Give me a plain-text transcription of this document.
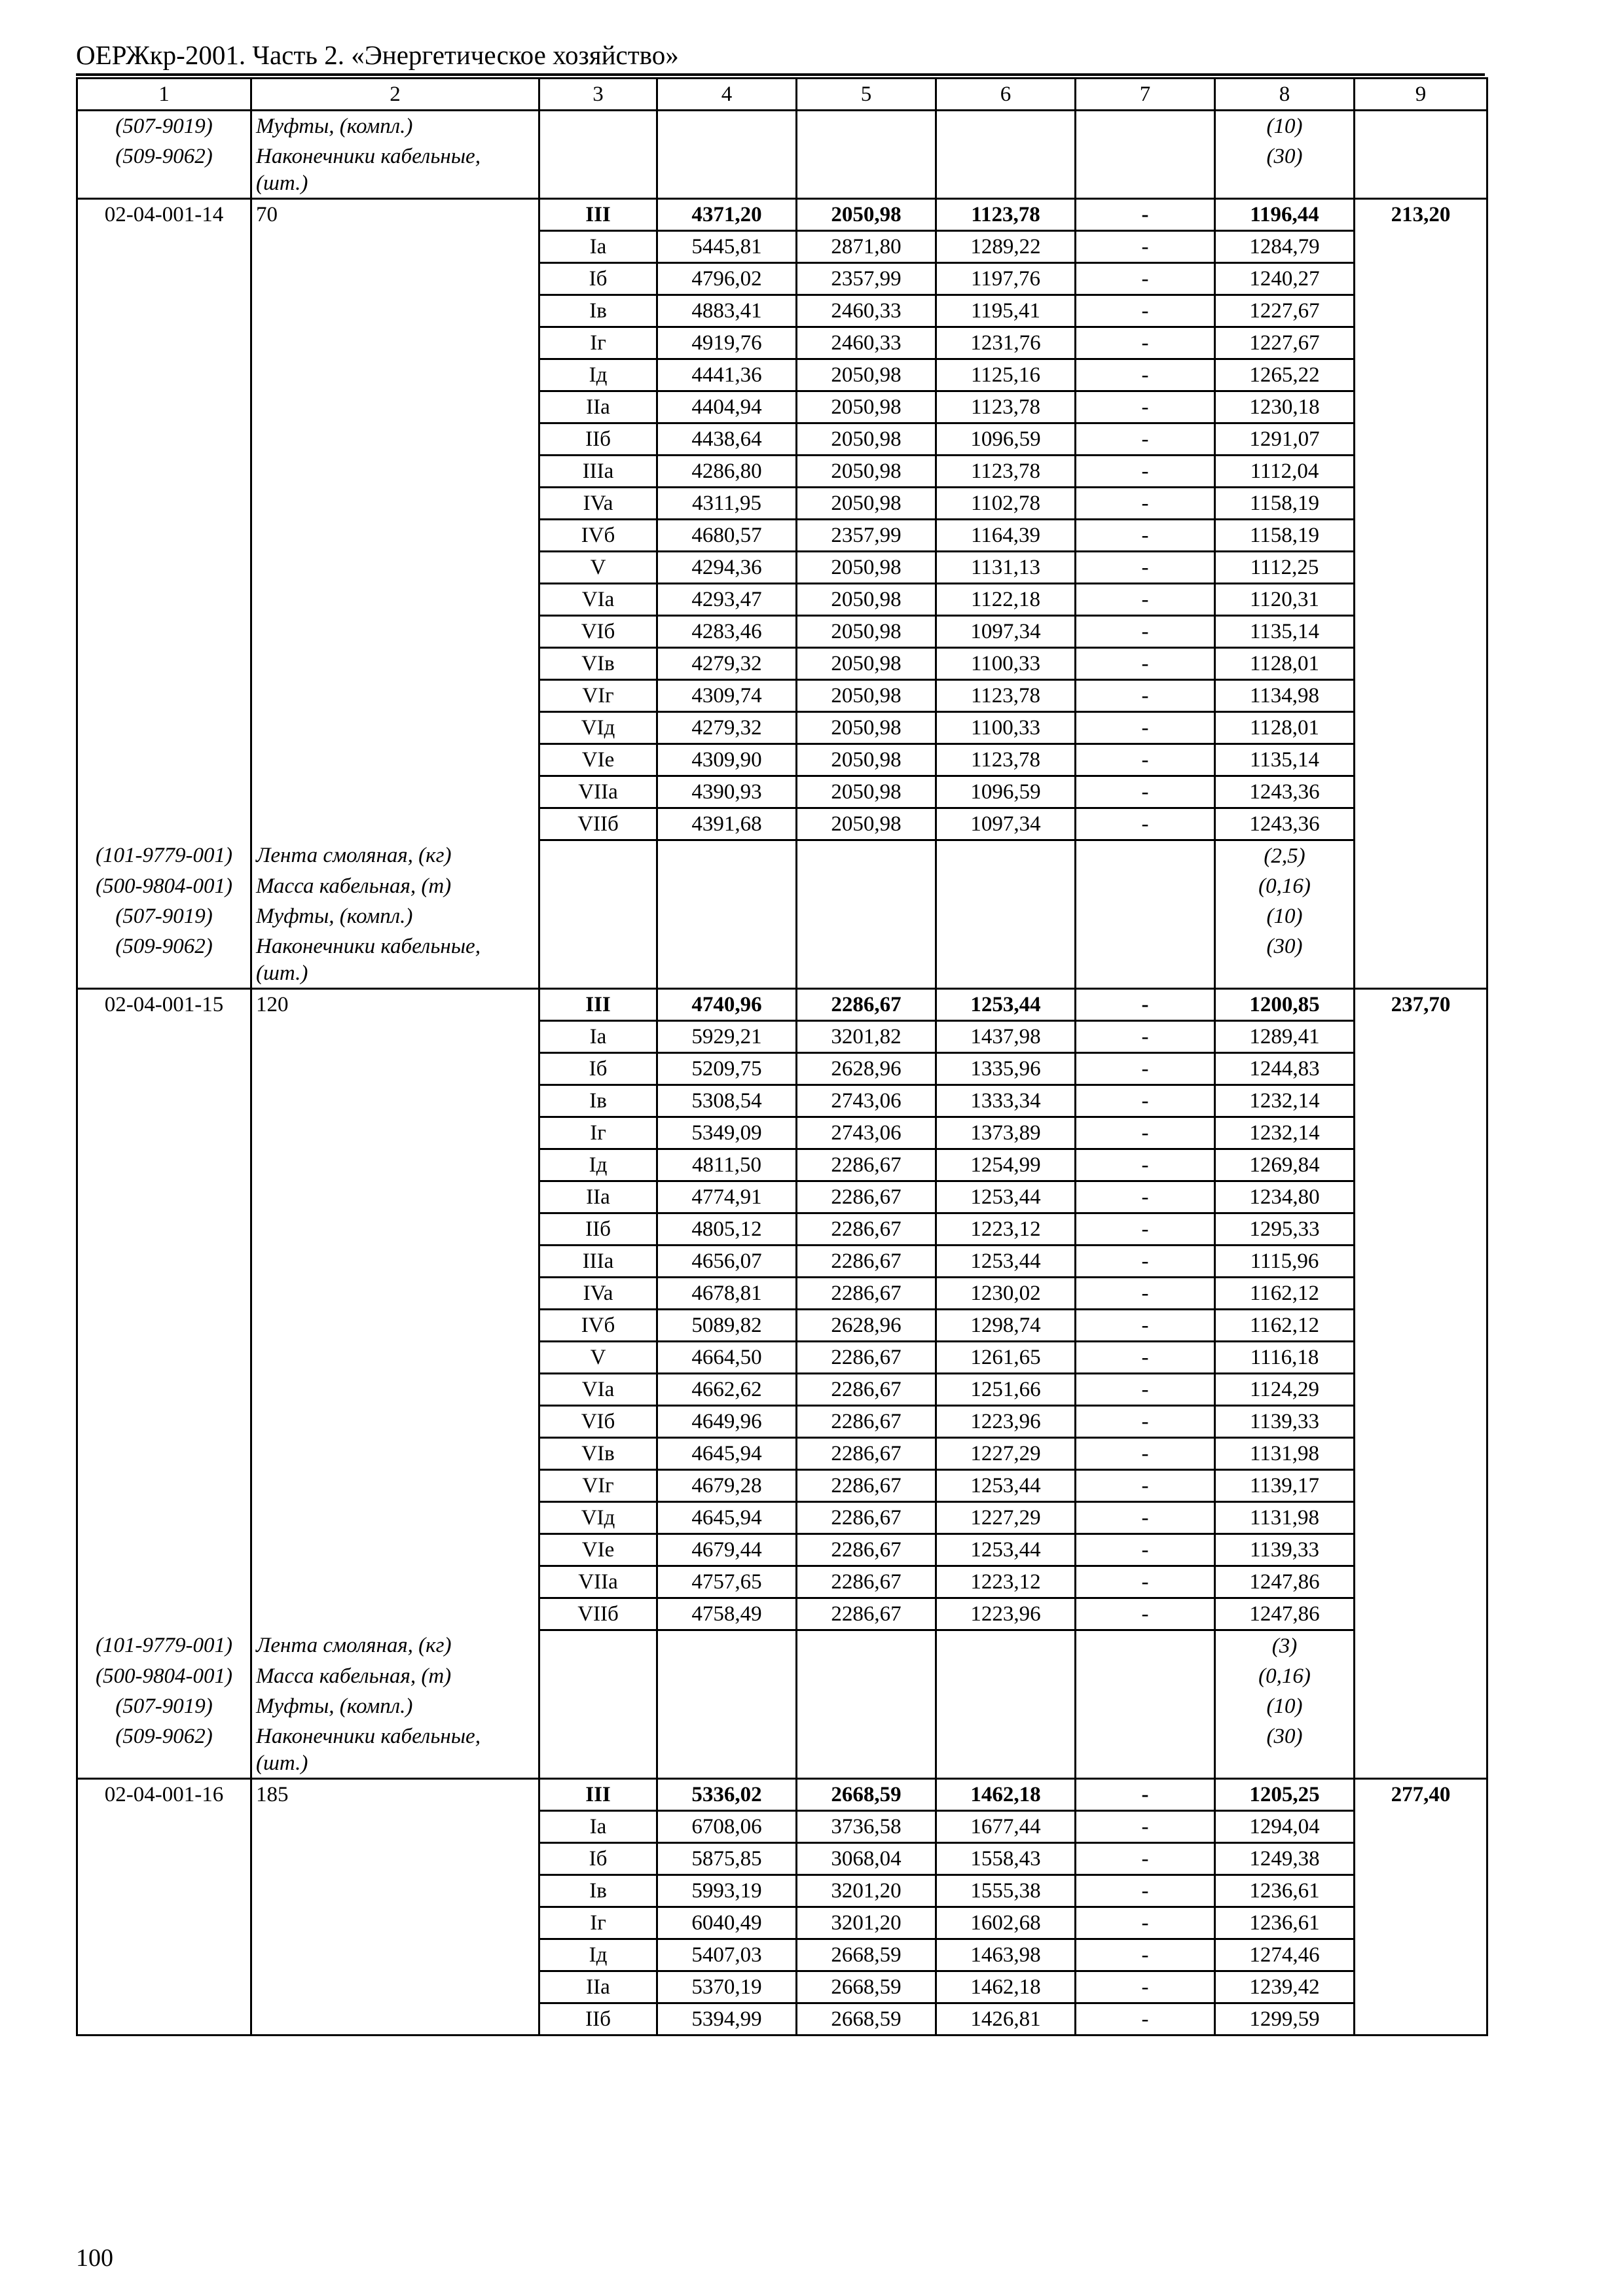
ОЕРЖкр-2001. Часть 2. «Энергетическое хозяйство»
1	2	3	4	5	6	7	8	9
(507-9019)	Муфты, (компл.)						(10)	
(509-9062)	Наконечники кабельные,						(30)	
	(шт.)							
02-04-001-14	70	III	4371,20	2050,98	1123,78	-	1196,44	213,20
		Ia	5445,81	2871,80	1289,22	-	1284,79	
		Iб	4796,02	2357,99	1197,76	-	1240,27	
		Iв	4883,41	2460,33	1195,41	-	1227,67	
		Iг	4919,76	2460,33	1231,76	-	1227,67	
		Iд	4441,36	2050,98	1125,16	-	1265,22	
		IIa	4404,94	2050,98	1123,78	-	1230,18	
		IIб	4438,64	2050,98	1096,59	-	1291,07	
		IIIa	4286,80	2050,98	1123,78	-	1112,04	
		IVa	4311,95	2050,98	1102,78	-	1158,19	
		IVб	4680,57	2357,99	1164,39	-	1158,19	
		V	4294,36	2050,98	1131,13	-	1112,25	
		VIa	4293,47	2050,98	1122,18	-	1120,31	
		VIб	4283,46	2050,98	1097,34	-	1135,14	
		VIв	4279,32	2050,98	1100,33	-	1128,01	
		VIг	4309,74	2050,98	1123,78	-	1134,98	
		VIд	4279,32	2050,98	1100,33	-	1128,01	
		VIe	4309,90	2050,98	1123,78	-	1135,14	
		VIIa	4390,93	2050,98	1096,59	-	1243,36	
		VIIб	4391,68	2050,98	1097,34	-	1243,36	
(101-9779-001)	Лента смоляная, (кг)						(2,5)	
(500-9804-001)	Масса кабельная, (т)						(0,16)	
(507-9019)	Муфты, (компл.)						(10)	
(509-9062)	Наконечники кабельные,						(30)	
	(шт.)							
02-04-001-15	120	III	4740,96	2286,67	1253,44	-	1200,85	237,70
		Ia	5929,21	3201,82	1437,98	-	1289,41	
		Iб	5209,75	2628,96	1335,96	-	1244,83	
		Iв	5308,54	2743,06	1333,34	-	1232,14	
		Iг	5349,09	2743,06	1373,89	-	1232,14	
		Iд	4811,50	2286,67	1254,99	-	1269,84	
		IIa	4774,91	2286,67	1253,44	-	1234,80	
		IIб	4805,12	2286,67	1223,12	-	1295,33	
		IIIa	4656,07	2286,67	1253,44	-	1115,96	
		IVa	4678,81	2286,67	1230,02	-	1162,12	
		IVб	5089,82	2628,96	1298,74	-	1162,12	
		V	4664,50	2286,67	1261,65	-	1116,18	
		VIa	4662,62	2286,67	1251,66	-	1124,29	
		VIб	4649,96	2286,67	1223,96	-	1139,33	
		VIв	4645,94	2286,67	1227,29	-	1131,98	
		VIг	4679,28	2286,67	1253,44	-	1139,17	
		VIд	4645,94	2286,67	1227,29	-	1131,98	
		VIe	4679,44	2286,67	1253,44	-	1139,33	
		VIIa	4757,65	2286,67	1223,12	-	1247,86	
		VIIб	4758,49	2286,67	1223,96	-	1247,86	
(101-9779-001)	Лента смоляная, (кг)						(3)	
(500-9804-001)	Масса кабельная, (т)						(0,16)	
(507-9019)	Муфты, (компл.)						(10)	
(509-9062)	Наконечники кабельные,						(30)	
	(шт.)							
02-04-001-16	185	III	5336,02	2668,59	1462,18	-	1205,25	277,40
		Ia	6708,06	3736,58	1677,44	-	1294,04	
		Iб	5875,85	3068,04	1558,43	-	1249,38	
		Iв	5993,19	3201,20	1555,38	-	1236,61	
		Iг	6040,49	3201,20	1602,68	-	1236,61	
		Iд	5407,03	2668,59	1463,98	-	1274,46	
		IIa	5370,19	2668,59	1462,18	-	1239,42	
		IIб	5394,99	2668,59	1426,81	-	1299,59	
100
